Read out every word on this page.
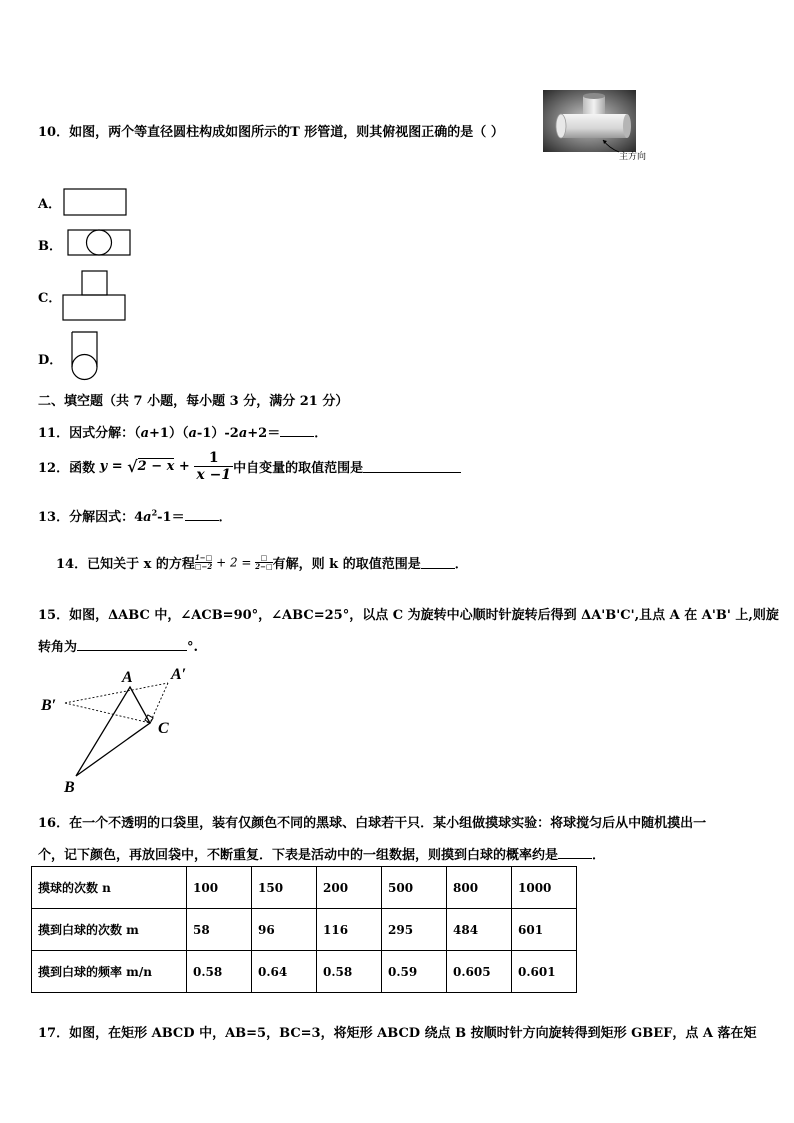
10．如图，两个等直径圆柱构成如图所示的T 形管道，则其俯视图正确的是（ ）
主方向
A．
B．
C．
D．
二、填空题（共 7 小题，每小题 3 分，满分 21 分）
11．因式分解：（a+1）（a-1）-2a+2＝	．
12．函数 $y = √2 - x + \frac{1}{x -1}$ 中自变量的取值范围是
13．分解因式：$4a^2-1=$	．
14．已知关于 x 的方程 $\frac{1-□}{□-2} + 2 = \frac{□}{2-□}$有解，则 k 的取值范围是	．
15．如图，ΔABC 中，∠ACB=90°，∠ABC=25°，以点 C 为旋转中心顺时针旋转后得到 ΔA'B'C',且点 A 在 A'B' 上,则旋
转角为	°.
A A′
B′
C
B
16．在一个不透明的口袋里，装有仅颜色不同的黑球、白球若干只．某小组做摸球实验：将球搅匀后从中随机摸出一
个，记下颜色，再放回袋中，不断重复．下表是活动中的一组数据，则摸到白球的概率约是	．
摸球的次数 n	100	150	200	500	800	1000
摸到白球的次数 m	58	96	116	295	484	601
摸到白球的频率 m/n	0.58	0.64	0.58	0.59	0.605	0.601
17．如图，在矩形 ABCD 中，AB=5，BC=3，将矩形 ABCD 绕点 B 按顺时针方向旋转得到矩形 GBEF，点 A 落在矩
